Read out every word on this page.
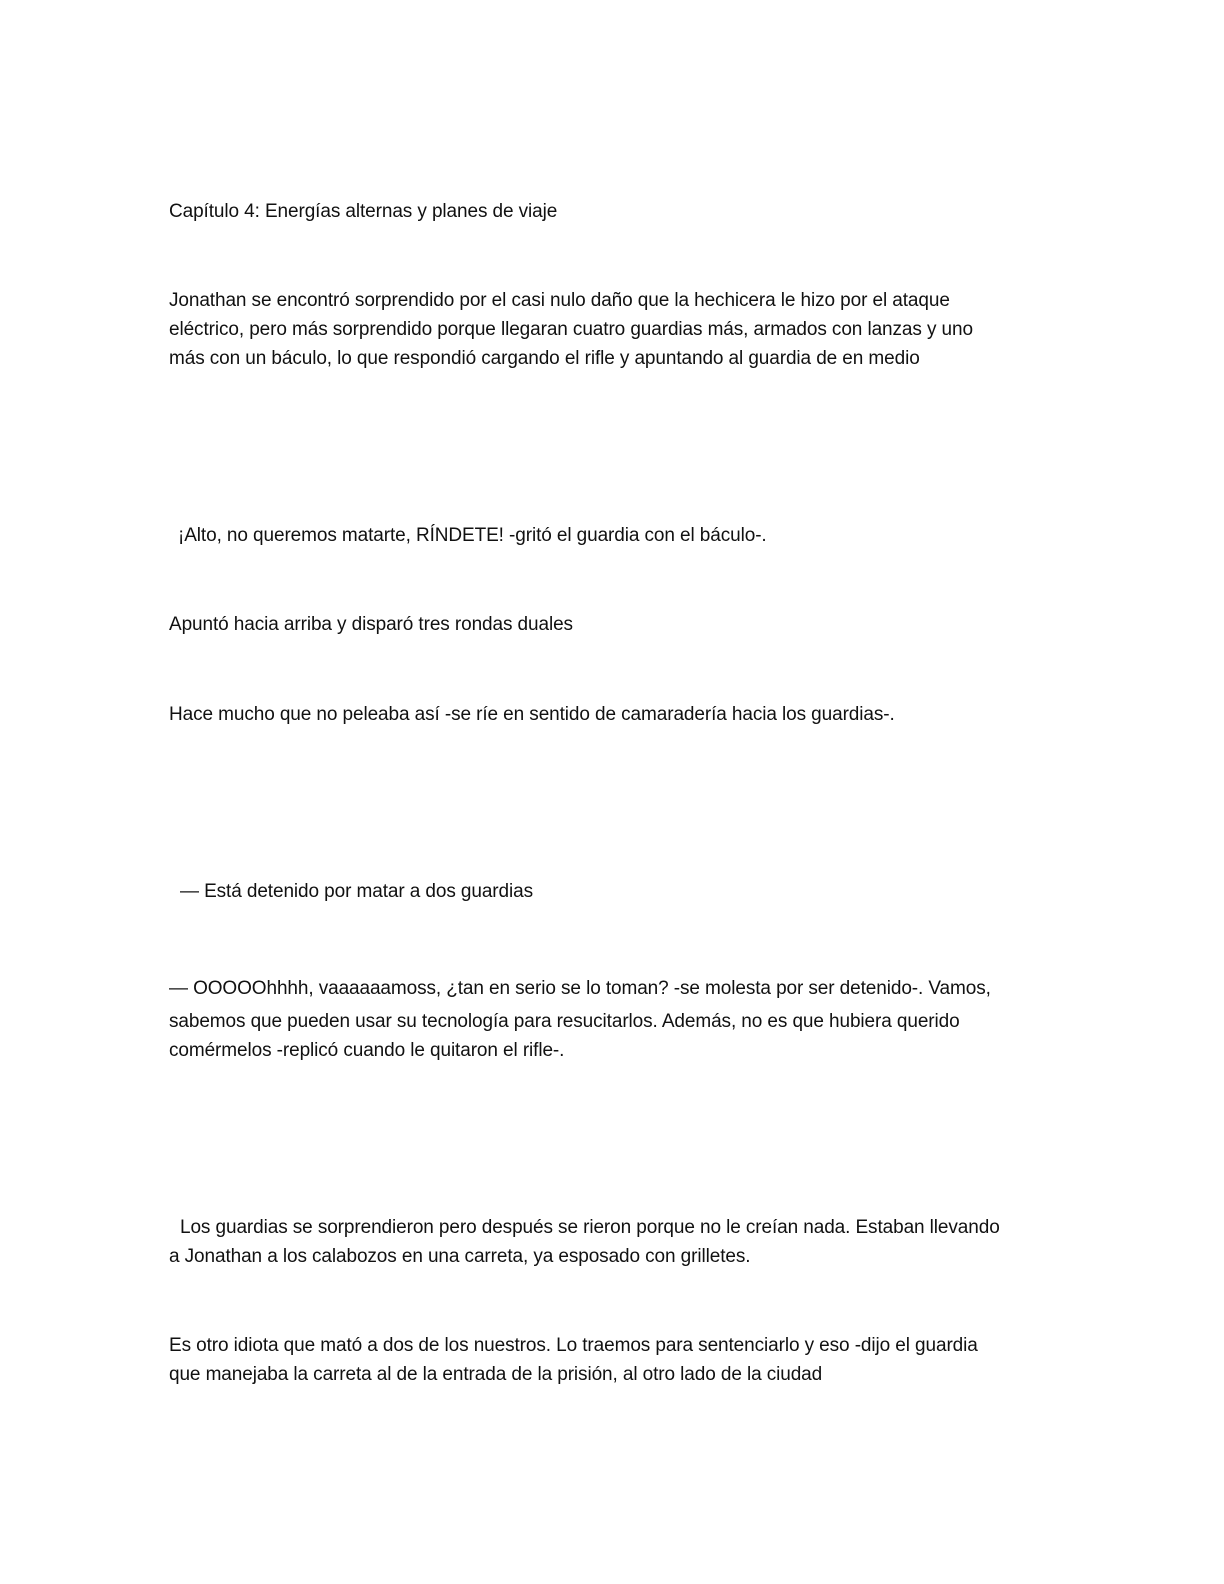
Capítulo 4: Energías alternas y planes de viaje
Jonathan se encontró sorprendido por el casi nulo daño que la hechicera le hizo por el ataque
eléctrico, pero más sorprendido porque llegaran cuatro guardias más, armados con lanzas y uno
más con un báculo, lo que respondió cargando el rifle y apuntando al guardia de en medio
¡Alto, no queremos matarte, RÍNDETE! -gritó el guardia con el báculo-.
Apuntó hacia arriba y disparó tres rondas duales
Hace mucho que no peleaba así -se ríe en sentido de camaradería hacia los guardias-.
— Está detenido por matar a dos guardias
— OOOOOhhhh, vaaaaaamoss, ¿tan en serio se lo toman? -se molesta por ser detenido-. Vamos,
sabemos que pueden usar su tecnología para resucitarlos. Además, no es que hubiera querido
comérmelos -replicó cuando le quitaron el rifle-.
Los guardias se sorprendieron pero después se rieron porque no le creían nada. Estaban llevando
a Jonathan a los calabozos en una carreta, ya esposado con grilletes.
Es otro idiota que mató a dos de los nuestros. Lo traemos para sentenciarlo y eso -dijo el guardia
que manejaba la carreta al de la entrada de la prisión, al otro lado de la ciudad
